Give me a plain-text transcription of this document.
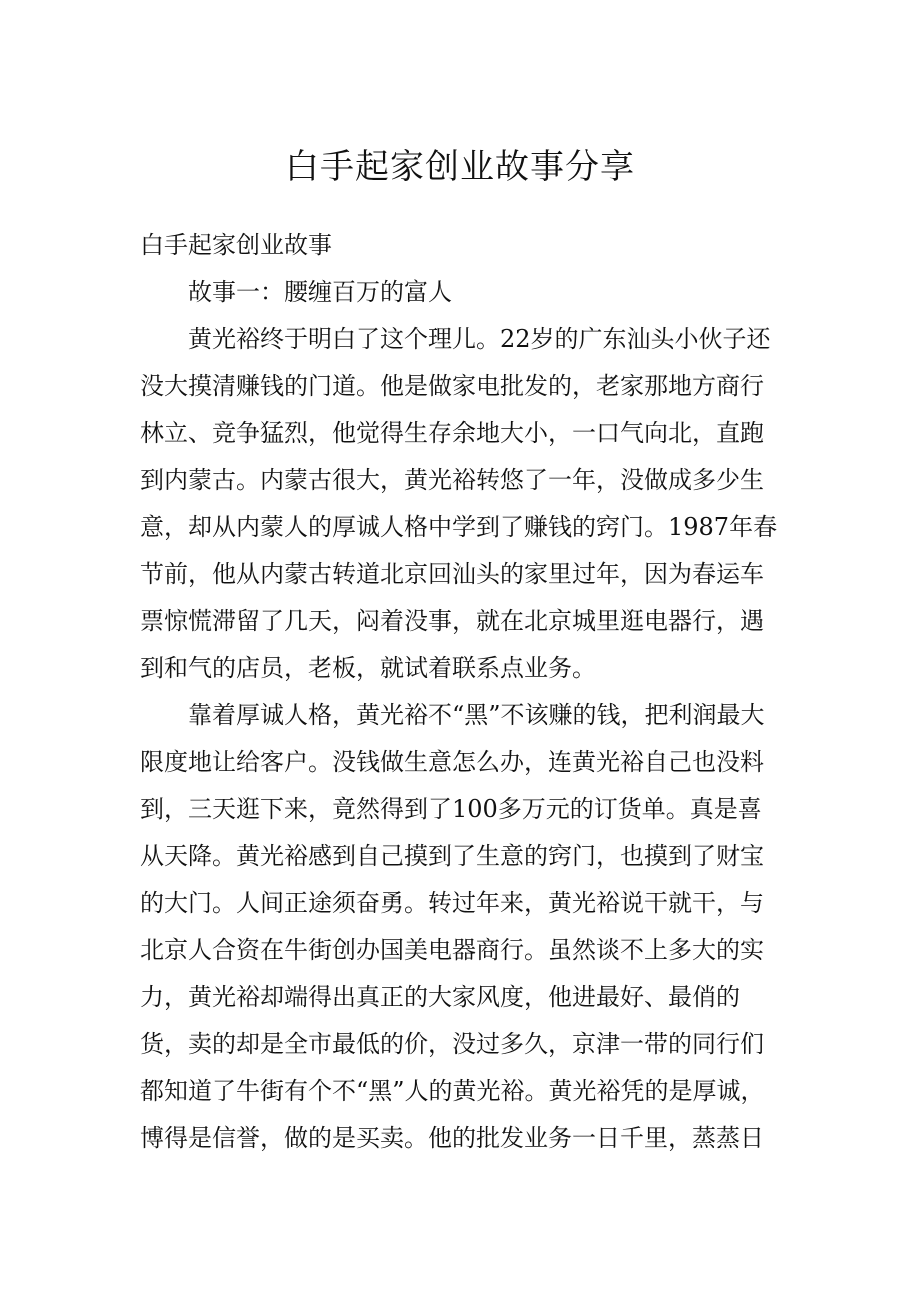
白手起家创业故事分享

白手起家创业故事

故事一：腰缠百万的富人

黄光裕终于明白了这个理儿。22岁的广东汕头小伙子还没大摸清赚钱的门道。他是做家电批发的，老家那地方商行林立、竞争猛烈，他觉得生存余地大小，一口气向北，直跑到内蒙古。内蒙古很大，黄光裕转悠了一年，没做成多少生意，却从内蒙人的厚诚人格中学到了赚钱的窍门。1987年春节前，他从内蒙古转道北京回汕头的家里过年，因为春运车票惊慌滞留了几天，闷着没事，就在北京城里逛电器行，遇到和气的店员，老板，就试着联系点业务。

靠着厚诚人格，黄光裕不“黑”不该赚的钱，把利润最大限度地让给客户。没钱做生意怎么办，连黄光裕自己也没料到，三天逛下来，竟然得到了100多万元的订货单。真是喜从天降。黄光裕感到自己摸到了生意的窍门，也摸到了财宝的大门。人间正途须奋勇。转过年来，黄光裕说干就干，与北京人合资在牛街创办国美电器商行。虽然谈不上多大的实力，黄光裕却端得出真正的大家风度，他进最好、最俏的货，卖的却是全市最低的价，没过多久，京津一带的同行们都知道了牛街有个不“黑”人的黄光裕。黄光裕凭的是厚诚，博得是信誉，做的是买卖。他的批发业务一日千里，蒸蒸日
